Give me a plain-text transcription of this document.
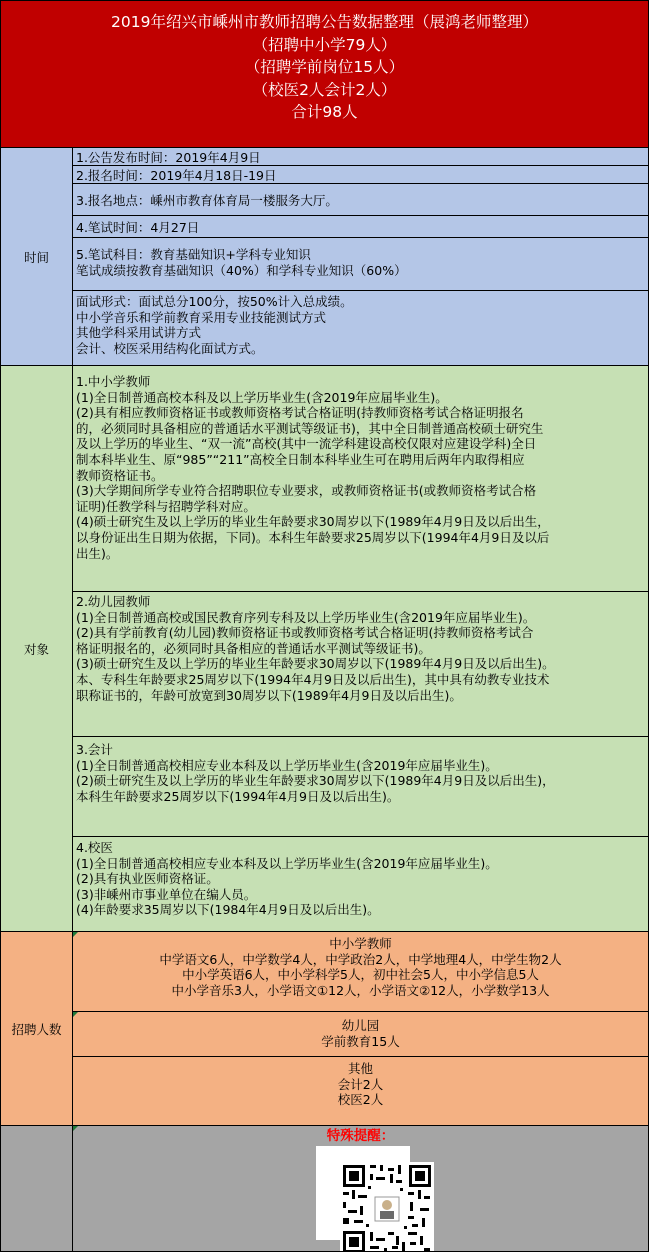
2019年绍兴市嵊州市教师招聘公告数据整理（展鸿老师整理）
（招聘中小学79人）
（招聘学前岗位15人）
（校医2人会计2人）
合计98人
时间
1.公告发布时间：2019年4月9日
2.报名时间：2019年4月18日-19日
3.报名地点：嵊州市教育体育局一楼服务大厅。
4.笔试时间：4月27日
5.笔试科目：教育基础知识+学科专业知识
笔试成绩按教育基础知识（40%）和学科专业知识（60%）
面试形式：面试总分100分，按50%计入总成绩。
中小学音乐和学前教育采用专业技能测试方式
其他学科采用试讲方式
会计、校医采用结构化面试方式。
对象
1.中小学教师
(1)全日制普通高校本科及以上学历毕业生(含2019年应届毕业生)。
(2)具有相应教师资格证书或教师资格考试合格证明(持教师资格考试合格证明报名
的，必须同时具备相应的普通话水平测试等级证书)，其中全日制普通高校硕士研究生
及以上学历的毕业生、“双一流”高校(其中一流学科建设高校仅限对应建设学科)全日
制本科毕业生、原“985”“211”高校全日制本科毕业生可在聘用后两年内取得相应
教师资格证书。
(3)大学期间所学专业符合招聘职位专业要求，或教师资格证书(或教师资格考试合格
证明)任教学科与招聘学科对应。
(4)硕士研究生及以上学历的毕业生年龄要求30周岁以下(1989年4月9日及以后出生，
以身份证出生日期为依据，下同)。本科生年龄要求25周岁以下(1994年4月9日及以后
出生)。
2.幼儿园教师
(1)全日制普通高校或国民教育序列专科及以上学历毕业生(含2019年应届毕业生)。
(2)具有学前教育(幼儿园)教师资格证书或教师资格考试合格证明(持教师资格考试合
格证明报名的，必须同时具备相应的普通话水平测试等级证书)。
(3)硕士研究生及以上学历的毕业生年龄要求30周岁以下(1989年4月9日及以后出生)。
本、专科生年龄要求25周岁以下(1994年4月9日及以后出生)，其中具有幼教专业技术
职称证书的，年龄可放宽到30周岁以下(1989年4月9日及以后出生)。
3.会计
(1)全日制普通高校相应专业本科及以上学历毕业生(含2019年应届毕业生)。
(2)硕士研究生及以上学历的毕业生年龄要求30周岁以下(1989年4月9日及以后出生)，
本科生年龄要求25周岁以下(1994年4月9日及以后出生)。
4.校医
(1)全日制普通高校相应专业本科及以上学历毕业生(含2019年应届毕业生)。
(2)具有执业医师资格证。
(3)非嵊州市事业单位在编人员。
(4)年龄要求35周岁以下(1984年4月9日及以后出生)。
招聘人数
中小学教师
中学语文6人，中学数学4人，中学政治2人，中学地理4人，中学生物2人
中小学英语6人，中小学科学5人，初中社会5人，中小学信息5人
中小学音乐3人，小学语文①12人，小学语文②12人，小学数学13人
幼儿园
学前教育15人
其他
会计2人
校医2人
特殊提醒：
